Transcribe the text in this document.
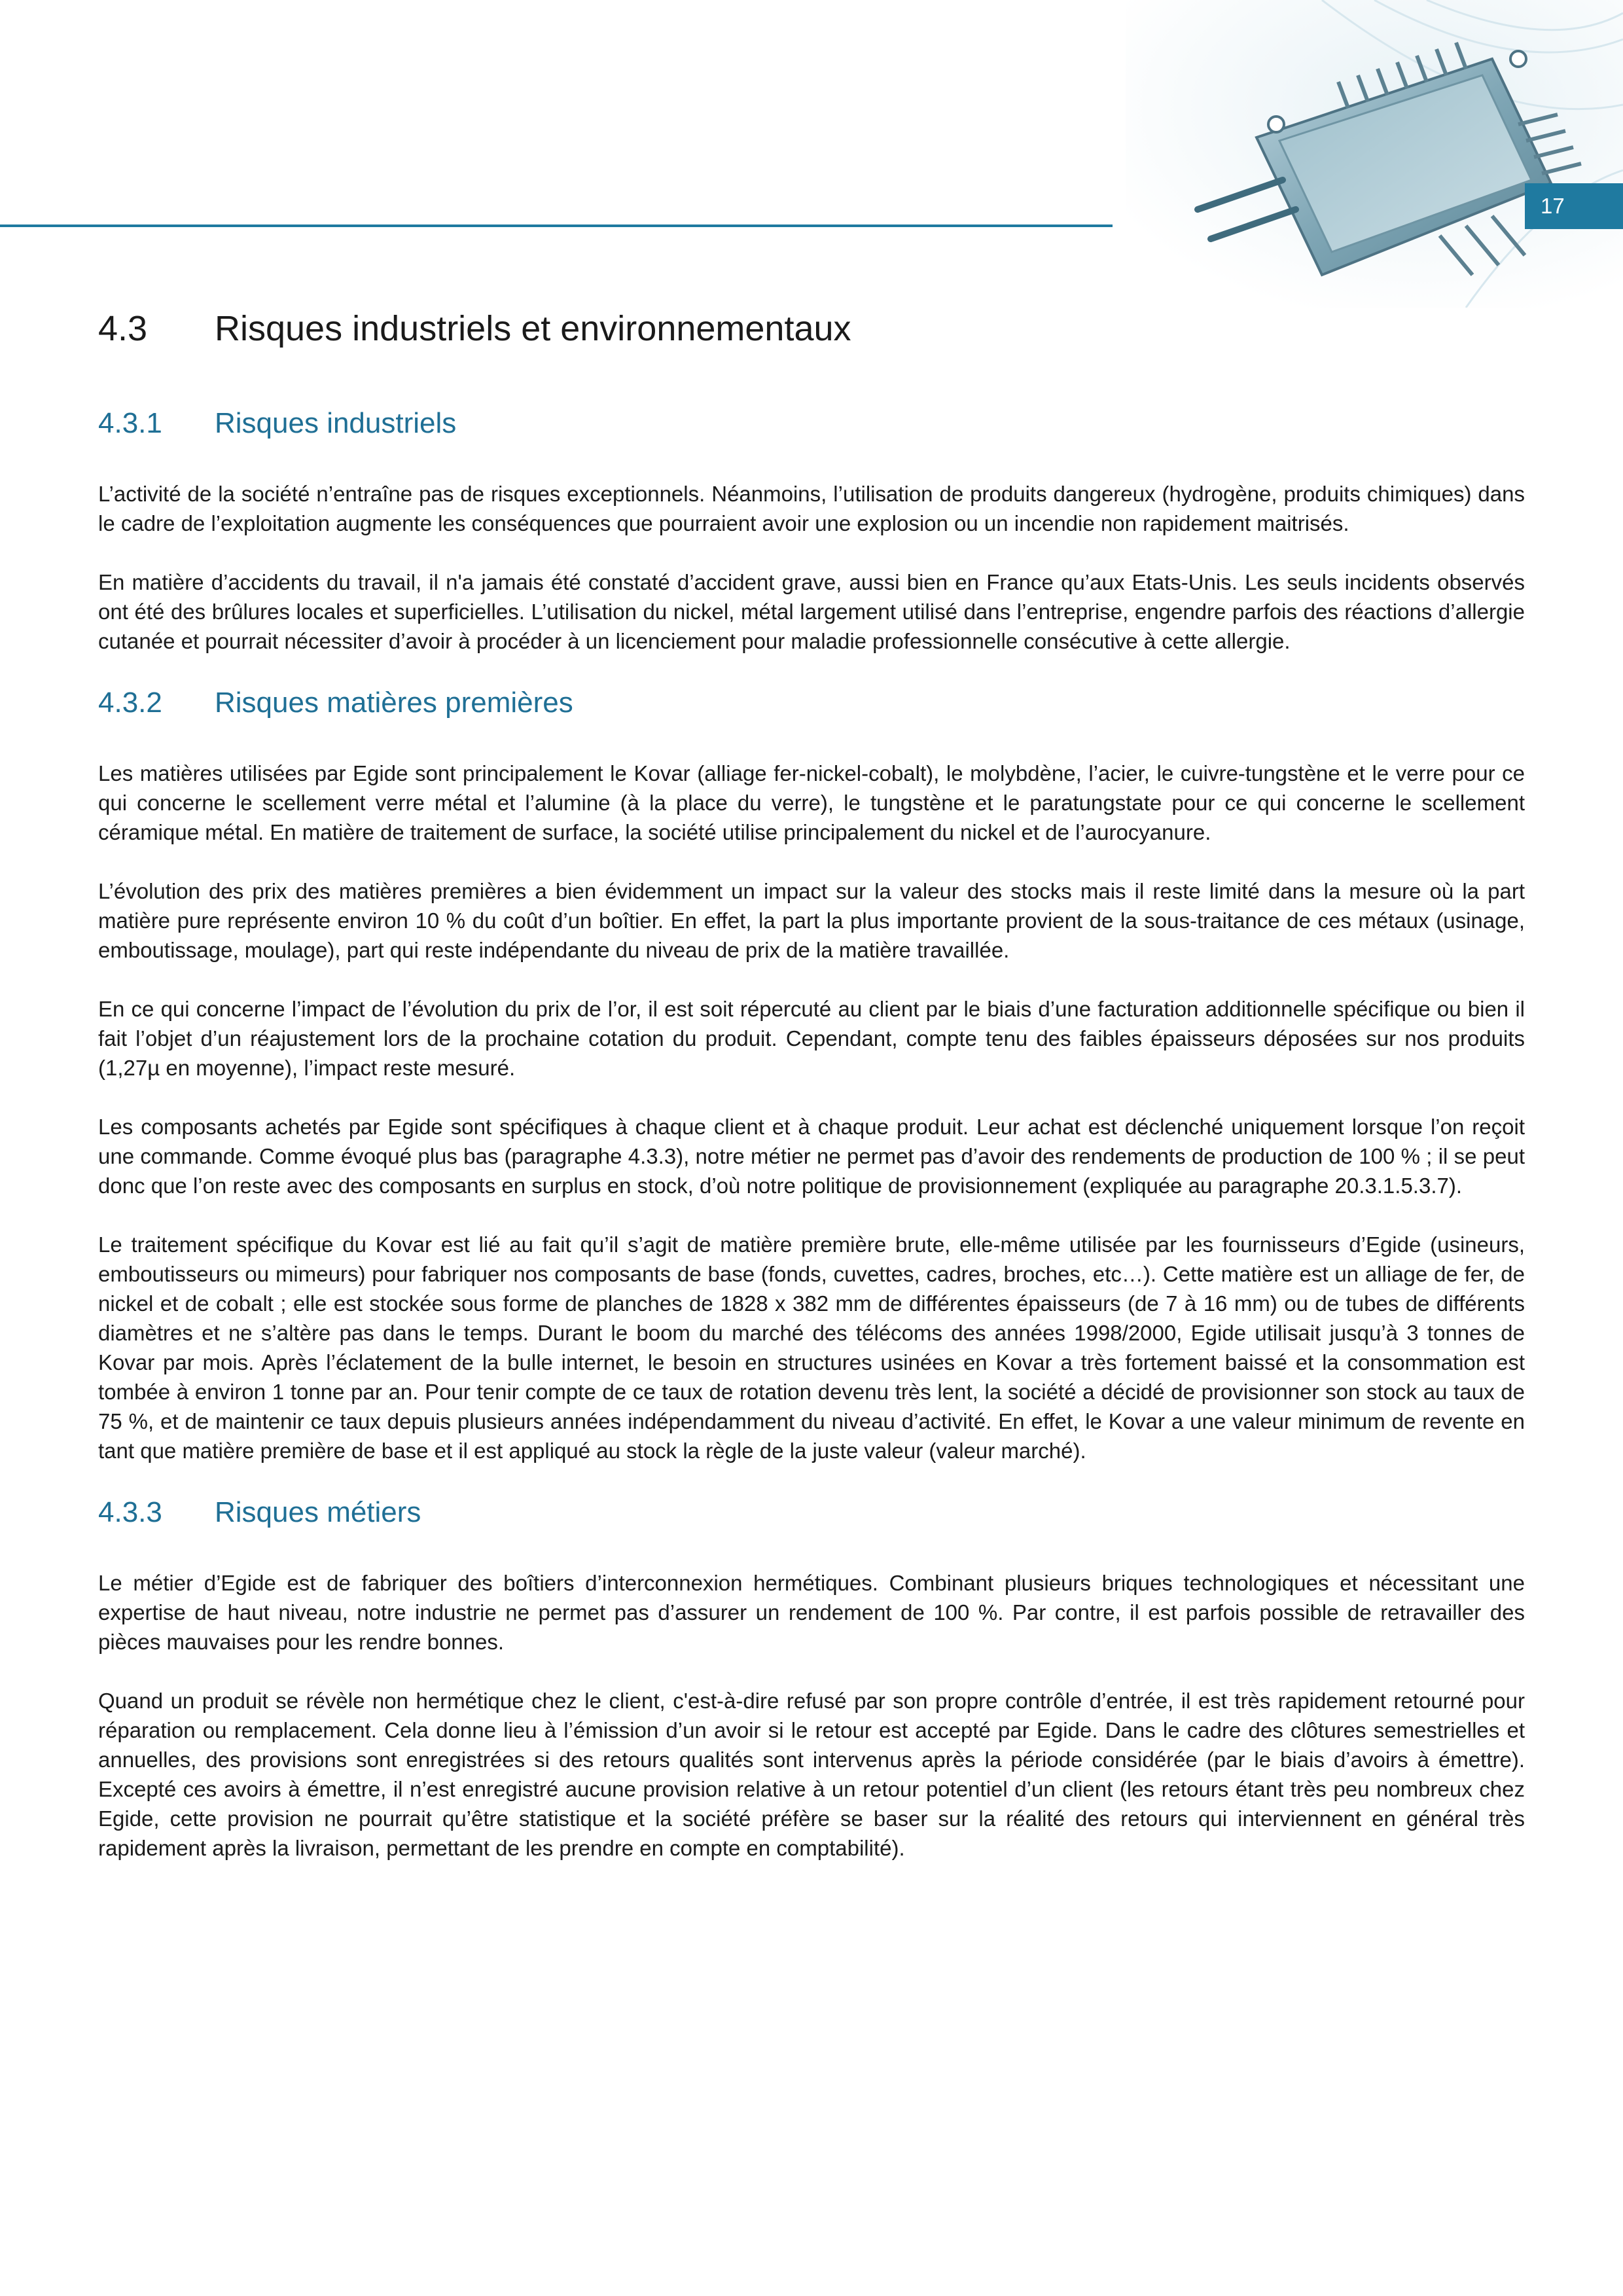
17
4.3 Risques industriels et environnementaux
4.3.1 Risques industriels

L’activité de la société n’entraîne pas de risques exceptionnels. Néanmoins, l’utilisation de produits dangereux (hydrogène, produits chimiques) dans le cadre de l’exploitation augmente les conséquences que pourraient avoir une explosion ou un incendie non rapidement maitrisés.

En matière d’accidents du travail, il n'a jamais été constaté d’accident grave, aussi bien en France qu’aux Etats-Unis. Les seuls incidents observés ont été des brûlures locales et superficielles. L’utilisation du nickel, métal largement utilisé dans l’entreprise, engendre parfois des réactions d’allergie cutanée et pourrait nécessiter d’avoir à procéder à un licenciement pour maladie professionnelle consécutive à cette allergie.

4.3.2 Risques matières premières

Les matières utilisées par Egide sont principalement le Kovar (alliage fer-nickel-cobalt), le molybdène, l’acier, le cuivre-tungstène et le verre pour ce qui concerne le scellement verre métal et l’alumine (à la place du verre), le tungstène et le paratungstate pour ce qui concerne le scellement céramique métal. En matière de traitement de surface, la société utilise principalement du nickel et de l’aurocyanure.

L’évolution des prix des matières premières a bien évidemment un impact sur la valeur des stocks mais il reste limité dans la mesure où la part matière pure représente environ 10 % du coût d’un boîtier. En effet, la part la plus importante provient de la sous-traitance de ces métaux (usinage, emboutissage, moulage), part qui reste indépendante du niveau de prix de la matière travaillée.

En ce qui concerne l’impact de l’évolution du prix de l’or, il est soit répercuté au client par le biais d’une facturation additionnelle spécifique ou bien il fait l’objet d’un réajustement lors de la prochaine cotation du produit. Cependant, compte tenu des faibles épaisseurs déposées sur nos produits (1,27µ en moyenne), l’impact reste mesuré.

Les composants achetés par Egide sont spécifiques à chaque client et à chaque produit. Leur achat est déclenché uniquement lorsque l’on reçoit une commande. Comme évoqué plus bas (paragraphe 4.3.3), notre métier ne permet pas d’avoir des rendements de production de 100 % ; il se peut donc que l’on reste avec des composants en surplus en stock, d’où notre politique de provisionnement (expliquée au paragraphe 20.3.1.5.3.7).

Le traitement spécifique du Kovar est lié au fait qu’il s’agit de matière première brute, elle-même utilisée par les fournisseurs d’Egide (usineurs, emboutisseurs ou mimeurs) pour fabriquer nos composants de base (fonds, cuvettes, cadres, broches, etc…). Cette matière est un alliage de fer, de nickel et de cobalt ; elle est stockée sous forme de planches de 1828 x 382 mm de différentes épaisseurs (de 7 à 16 mm) ou de tubes de différents diamètres et ne s’altère pas dans le temps. Durant le boom du marché des télécoms des années 1998/2000, Egide utilisait jusqu’à 3 tonnes de Kovar par mois. Après l’éclatement de la bulle internet, le besoin en structures usinées en Kovar a très fortement baissé et la consommation est tombée à environ 1 tonne par an. Pour tenir compte de ce taux de rotation devenu très lent, la société a décidé de provisionner son stock au taux de 75 %, et de maintenir ce taux depuis plusieurs années indépendamment du niveau d’activité. En effet, le Kovar a une valeur minimum de revente en tant que matière première de base et il est appliqué au stock la règle de la juste valeur (valeur marché).

4.3.3 Risques métiers

Le métier d’Egide est de fabriquer des boîtiers d’interconnexion hermétiques. Combinant plusieurs briques technologiques et nécessitant une expertise de haut niveau, notre industrie ne permet pas d’assurer un rendement de 100 %. Par contre, il est parfois possible de retravailler des pièces mauvaises pour les rendre bonnes.

Quand un produit se révèle non hermétique chez le client, c'est-à-dire refusé par son propre contrôle d’entrée, il est très rapidement retourné pour réparation ou remplacement. Cela donne lieu à l’émission d’un avoir si le retour est accepté par Egide. Dans le cadre des clôtures semestrielles et annuelles, des provisions sont enregistrées si des retours qualités sont intervenus après la période considérée (par le biais d’avoirs à émettre). Excepté ces avoirs à émettre, il n’est enregistré aucune provision relative à un retour potentiel d’un client (les retours étant très peu nombreux chez Egide, cette provision ne pourrait qu’être statistique et la société préfère se baser sur la réalité des retours qui interviennent en général très rapidement après la livraison, permettant de les prendre en compte en comptabilité).
